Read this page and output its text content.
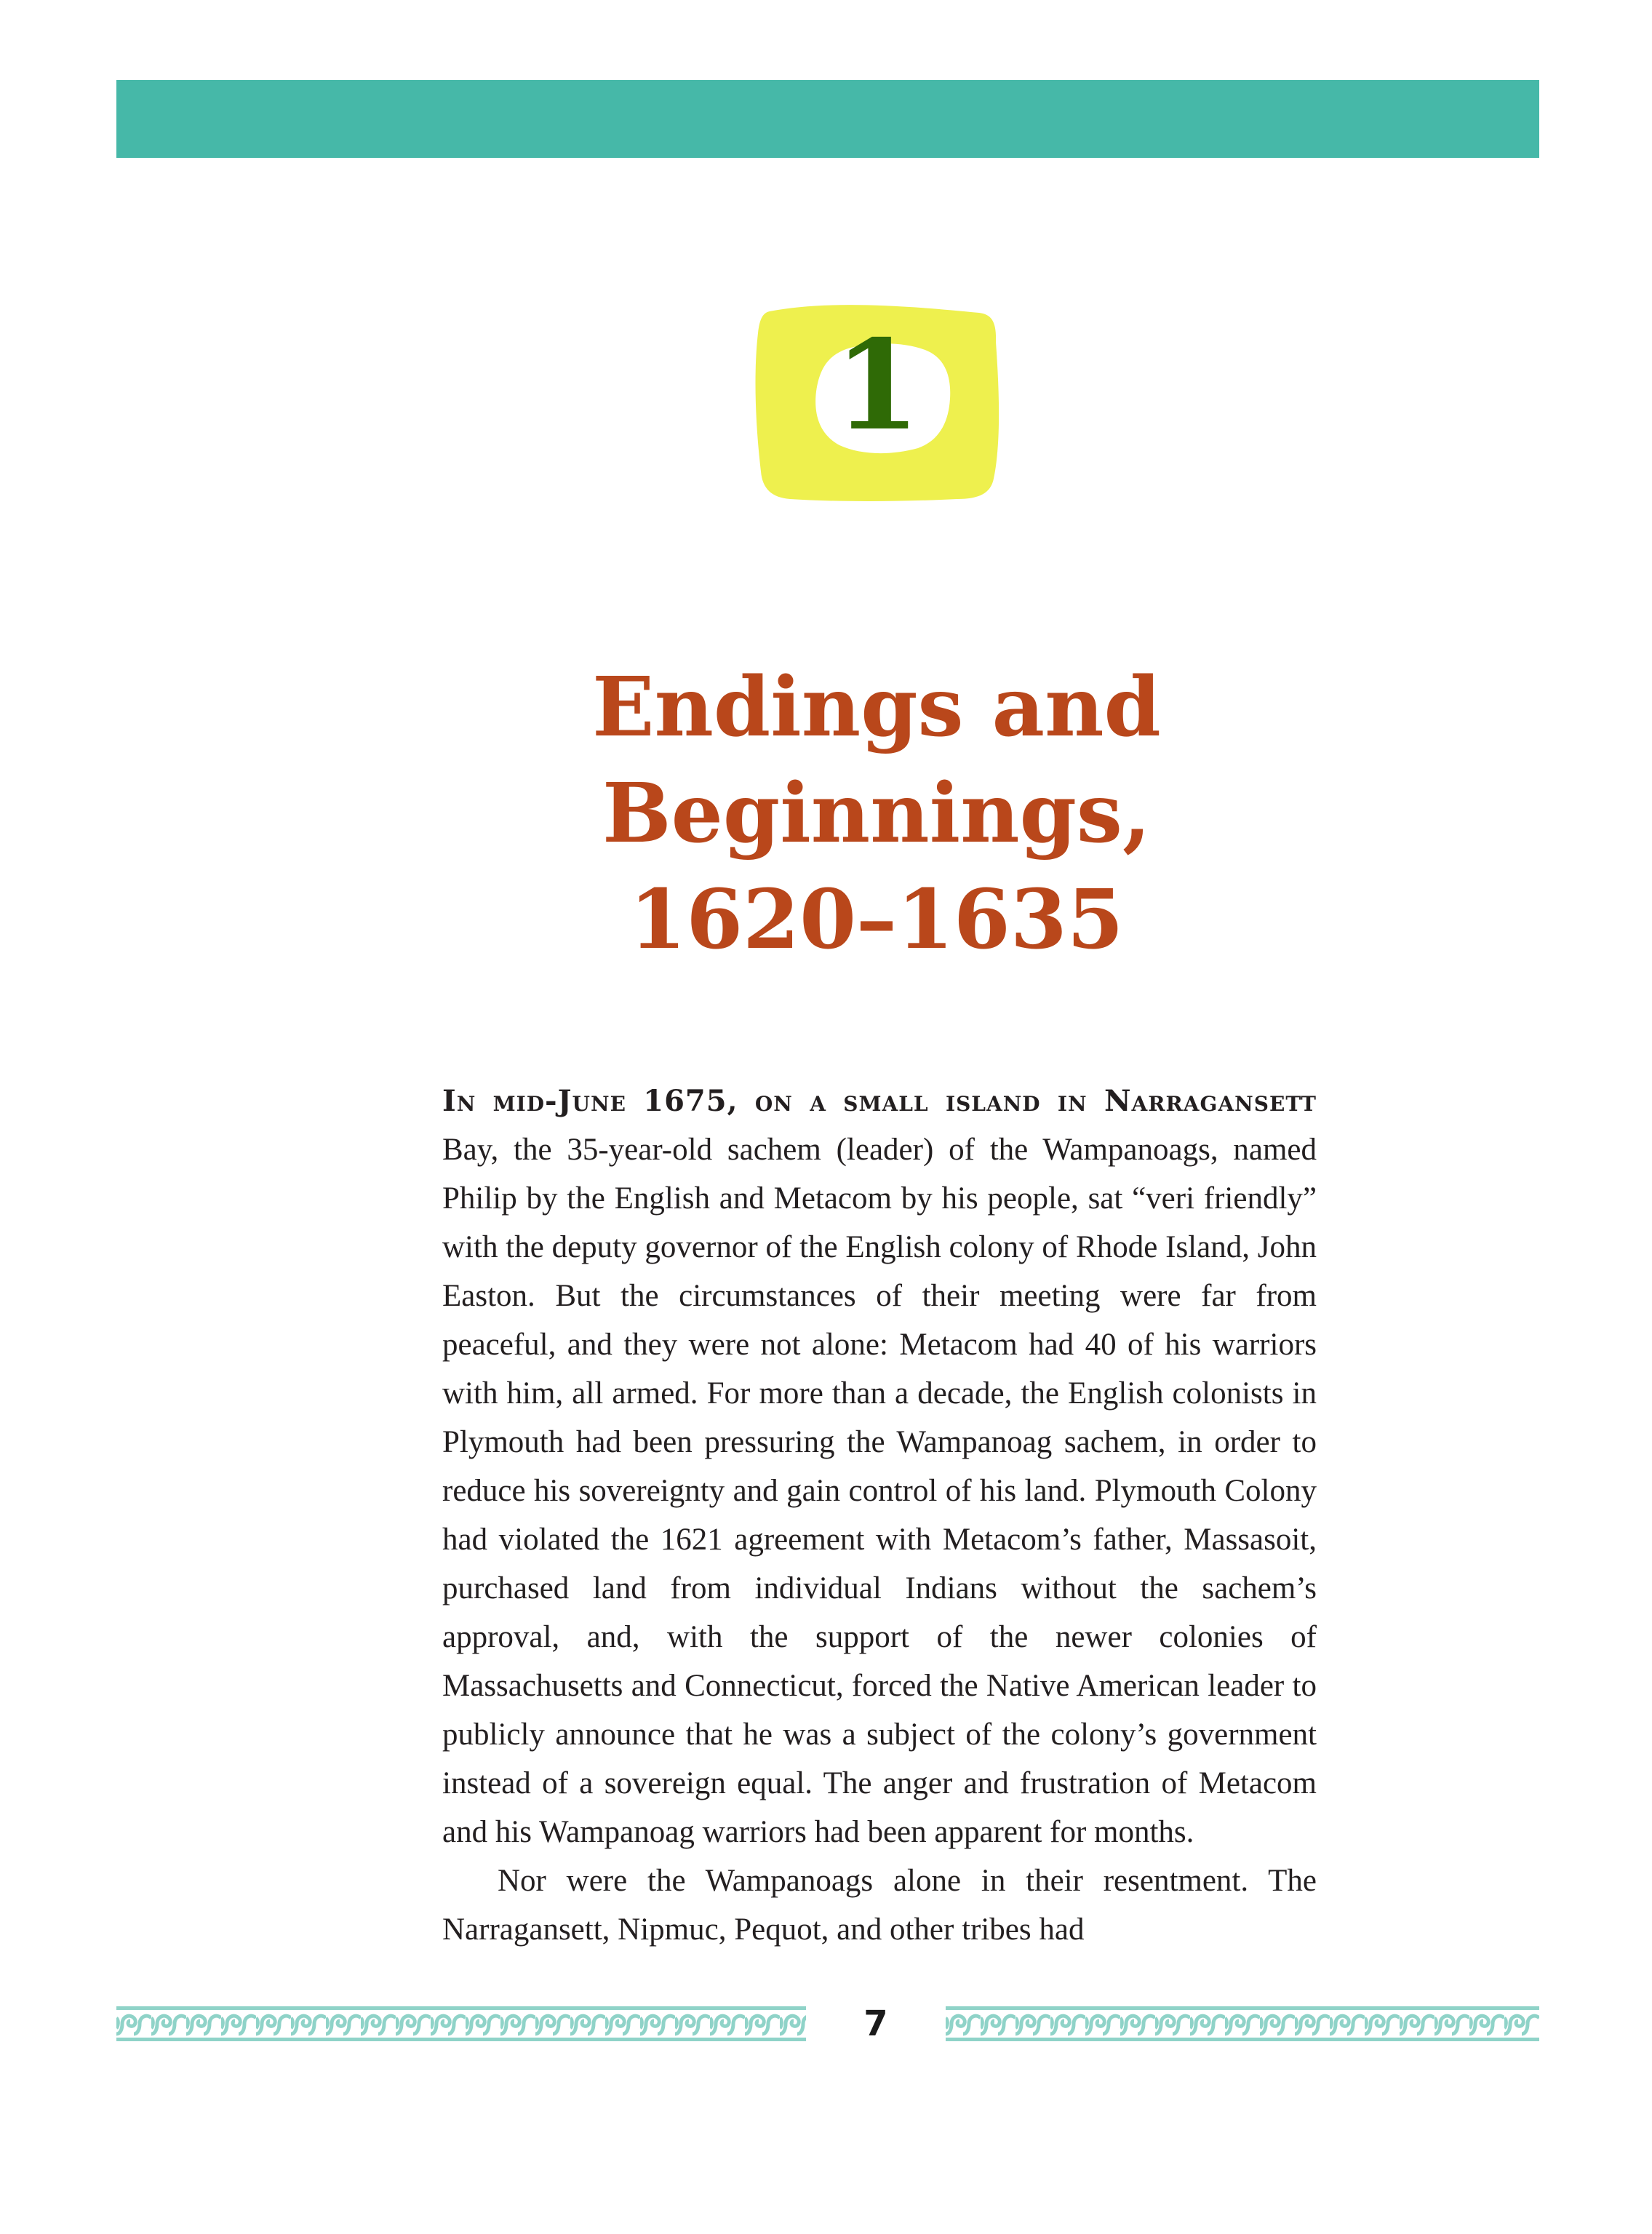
1
Endings and
Beginnings,
1620–1635

In mid-June 1675, on a small island in Narragansett Bay, the 35-year-old sachem (leader) of the Wampanoags, named Philip by the English and Metacom by his people, sat “veri friendly” with the deputy governor of the English colony of Rhode Island, John Easton. But the circumstances of their meeting were far from peaceful, and they were not alone: Metacom had 40 of his warriors with him, all armed. For more than a decade, the English colonists in Plymouth had been pressuring the Wampanoag sachem, in order to reduce his sovereignty and gain control of his land. Plymouth Colony had violated the 1621 agreement with Metacom’s father, Massasoit, purchased land from individual Indians without the sachem’s approval, and, with the support of the newer colonies of Massachusetts and Connecticut, forced the Native American leader to publicly announce that he was a subject of the colony’s government instead of a sovereign equal. The anger and frustration of Metacom and his Wampanoag warriors had been apparent for months.

Nor were the Wampanoags alone in their resentment. The Narragansett, Nipmuc, Pequot, and other tribes had

7
